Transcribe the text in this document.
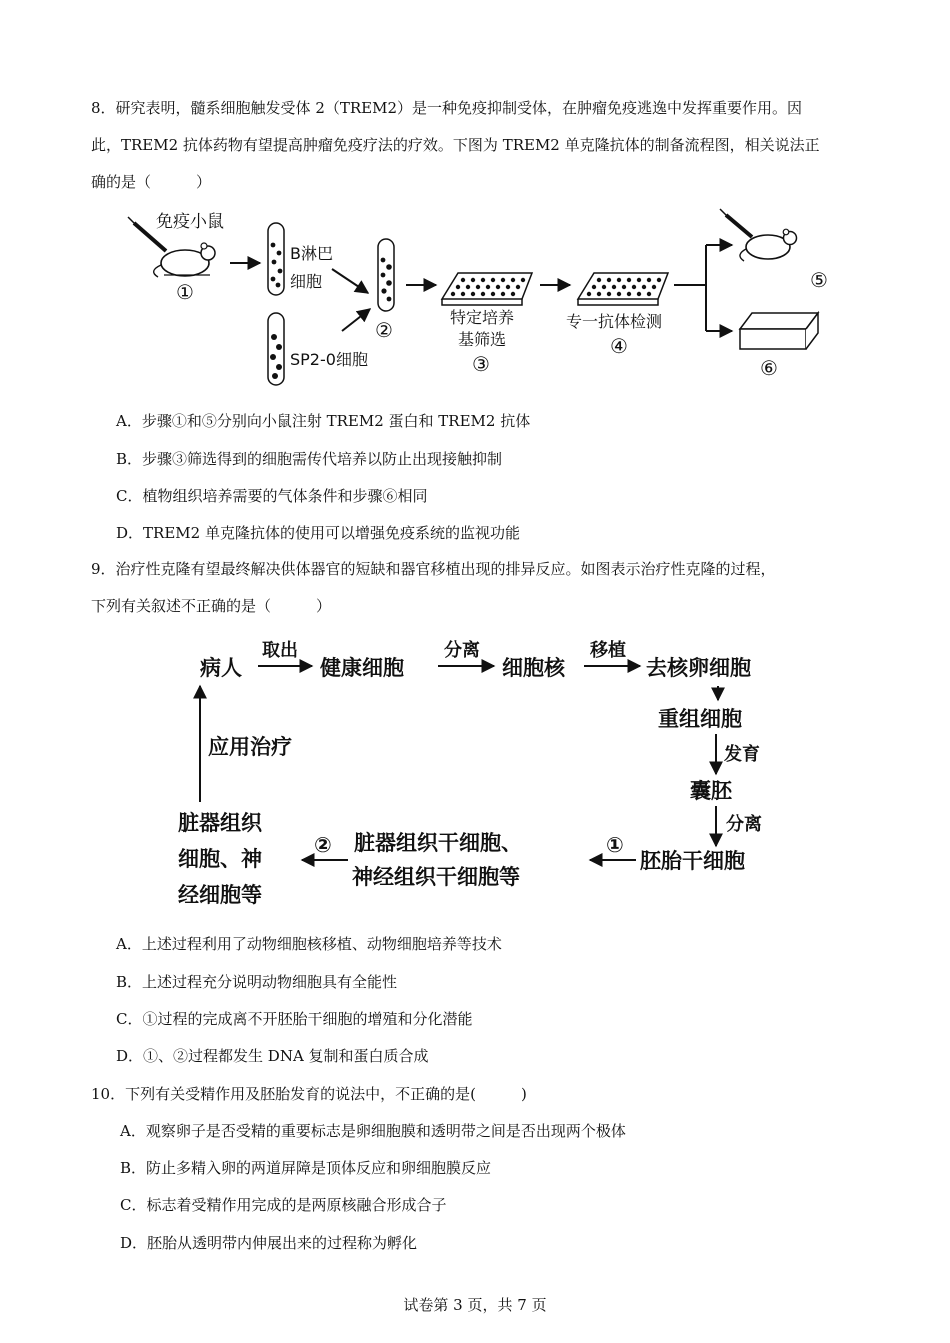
8．研究表明，髓系细胞触发受体 2（TREM2）是一种免疫抑制受体，在肿瘤免疫逃逸中发挥重要作用。因
此，TREM2 抗体药物有望提高肿瘤免疫疗法的疗效。下图为 TREM2 单克隆抗体的制备流程图，相关说法正
确的是（　　　）
免疫小鼠
①
B淋巴
细胞
SP2-0细胞
②
特定培养
基筛选
③
专一抗体检测
④
⑤
⑥
A．步骤①和⑤分别向小鼠注射 TREM2 蛋白和 TREM2 抗体
B．步骤③筛选得到的细胞需传代培养以防止出现接触抑制
C．植物组织培养需要的气体条件和步骤⑥相同
D．TREM2 单克隆抗体的使用可以增强免疫系统的监视功能
9．治疗性克隆有望最终解决供体器官的短缺和器官移植出现的排异反应。如图表示治疗性克隆的过程，
下列有关叙述不正确的是（　　　）
病人
取出
健康细胞
分离
细胞核
移植
去核卵细胞
重组细胞
发育
囊胚
分离
胚胎干细胞
①
脏器组织干细胞、
神经组织干细胞等
②
脏器组织
细胞、神
经细胞等
应用治疗
A．上述过程利用了动物细胞核移植、动物细胞培养等技术
B．上述过程充分说明动物细胞具有全能性
C．①过程的完成离不开胚胎干细胞的增殖和分化潜能
D．①、②过程都发生 DNA 复制和蛋白质合成
10．下列有关受精作用及胚胎发育的说法中，不正确的是(　　　)
A．观察卵子是否受精的重要标志是卵细胞膜和透明带之间是否出现两个极体
B．防止多精入卵的两道屏障是顶体反应和卵细胞膜反应
C．标志着受精作用完成的是两原核融合形成合子
D．胚胎从透明带内伸展出来的过程称为孵化
试卷第 3 页，共 7 页
